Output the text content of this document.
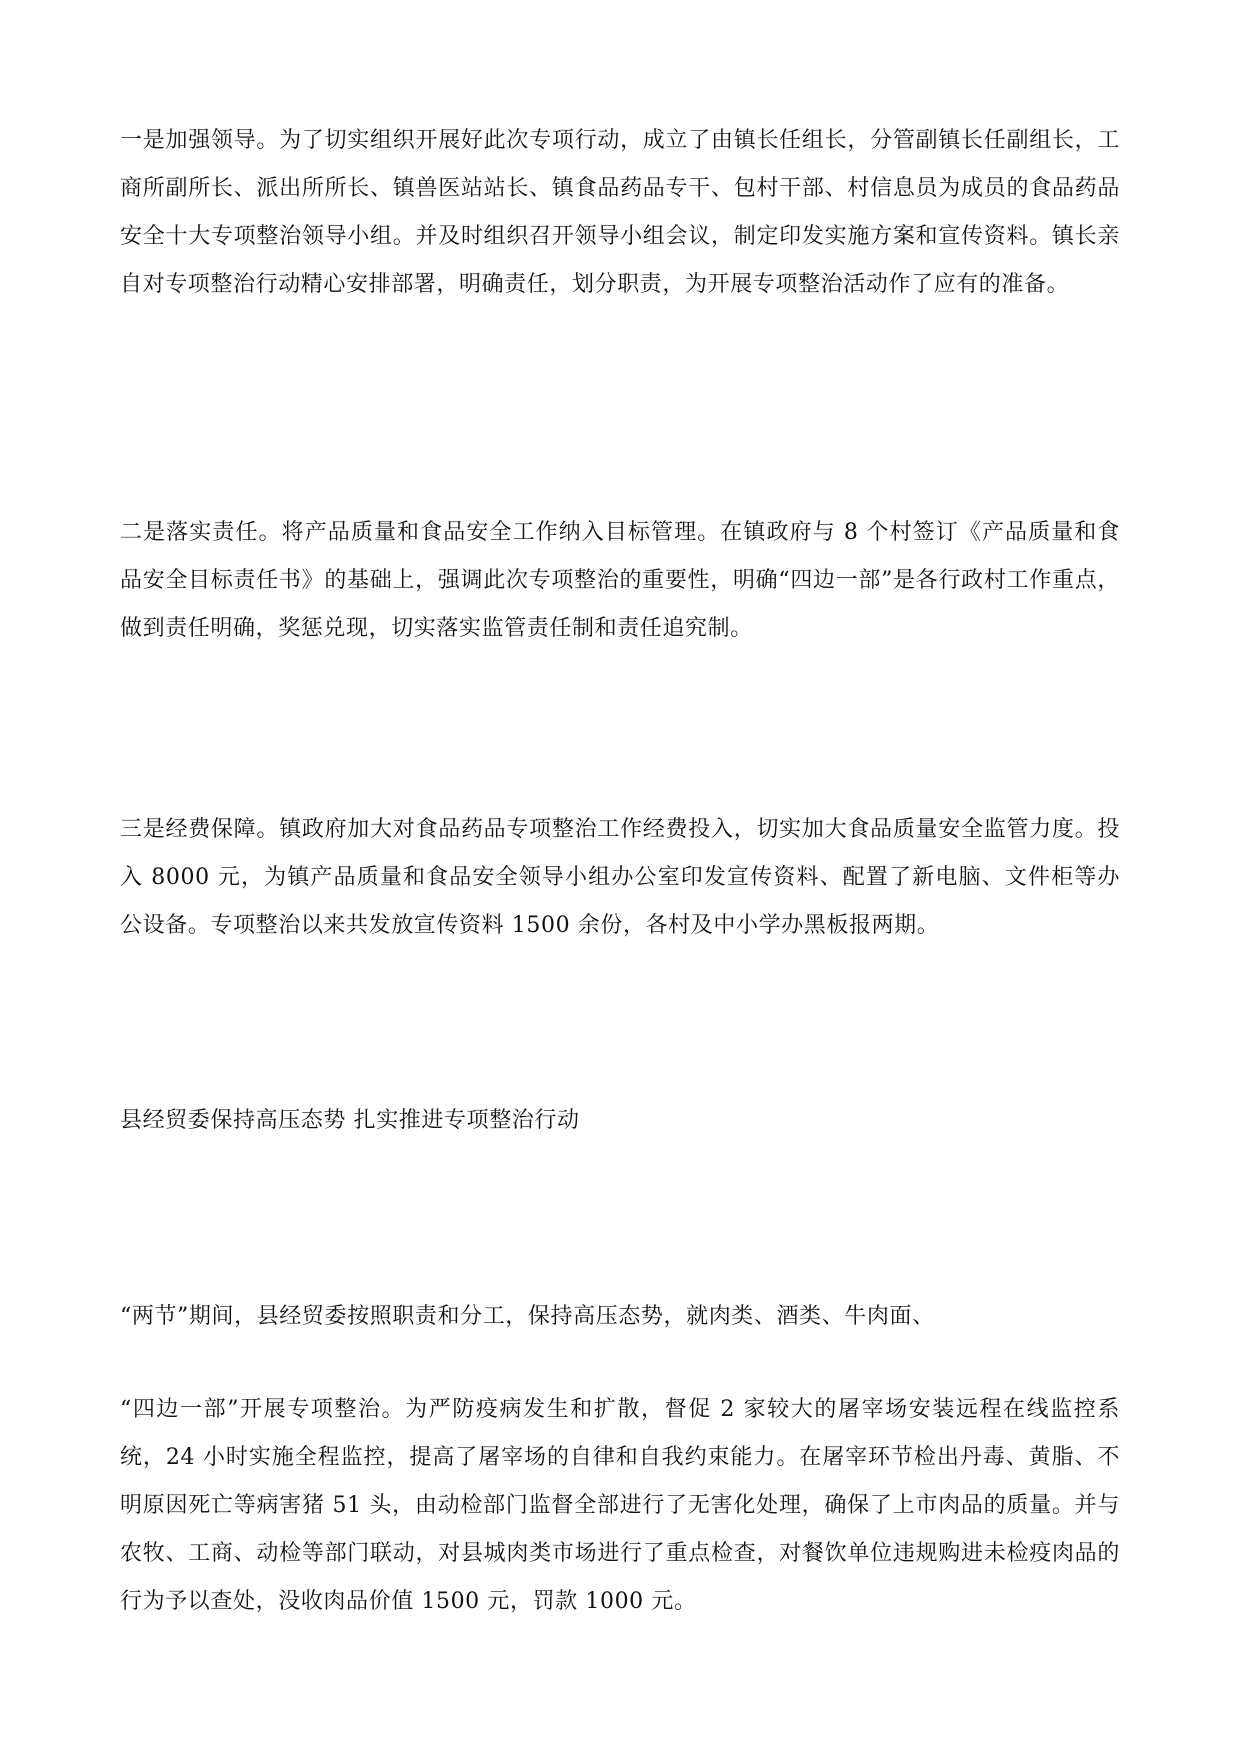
一是加强领导。为了切实组织开展好此次专项行动，成立了由镇长任组长，分管副镇长任副组长，工商所副所长、派出所所长、镇兽医站站长、镇食品药品专干、包村干部、村信息员为成员的食品药品安全十大专项整治领导小组。并及时组织召开领导小组会议，制定印发实施方案和宣传资料。镇长亲自对专项整治行动精心安排部署，明确责任，划分职责，为开展专项整治活动作了应有的准备。

二是落实责任。将产品质量和食品安全工作纳入目标管理。在镇政府与 8 个村签订《产品质量和食品安全目标责任书》的基础上，强调此次专项整治的重要性，明确“四边一部”是各行政村工作重点，做到责任明确，奖惩兑现，切实落实监管责任制和责任追究制。

三是经费保障。镇政府加大对食品药品专项整治工作经费投入，切实加大食品质量安全监管力度。投入 8000 元，为镇产品质量和食品安全领导小组办公室印发宣传资料、配置了新电脑、文件柜等办公设备。专项整治以来共发放宣传资料 1500 余份，各村及中小学办黑板报两期。

县经贸委保持高压态势 扎实推进专项整治行动

“两节”期间，县经贸委按照职责和分工，保持高压态势，就肉类、酒类、牛肉面、

“四边一部”开展专项整治。为严防疫病发生和扩散，督促 2 家较大的屠宰场安装远程在线监控系统，24 小时实施全程监控，提高了屠宰场的自律和自我约束能力。在屠宰环节检出丹毒、黄脂、不明原因死亡等病害猪 51 头，由动检部门监督全部进行了无害化处理，确保了上市肉品的质量。并与农牧、工商、动检等部门联动，对县城肉类市场进行了重点检查，对餐饮单位违规购进未检疫肉品的行为予以查处，没收肉品价值 1500 元，罚款 1000 元。
